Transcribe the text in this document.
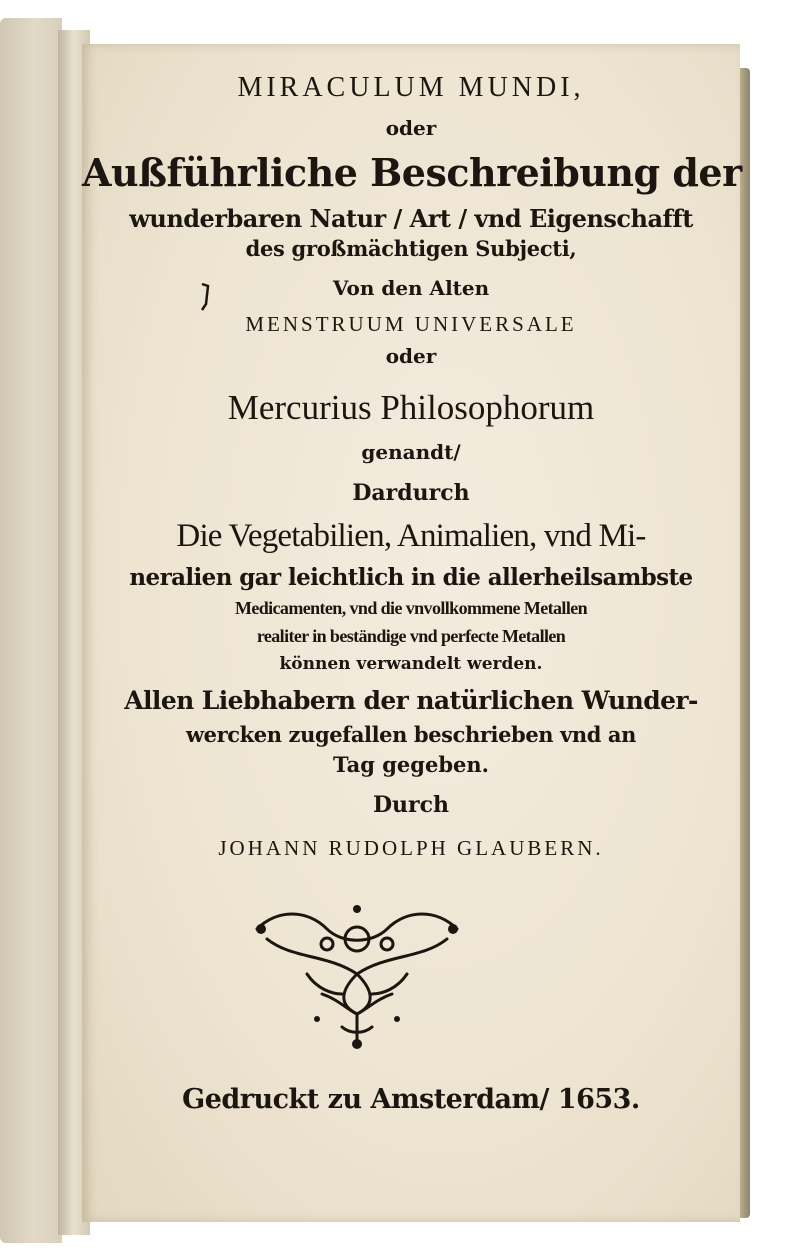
MIRACULUM MUNDI,
oder
Außführliche Beschreibung der
wunderbaren Natur / Art / vnd Eigenschafft
des großmächtigen Subjecti,
Von den Alten
MENSTRUUM UNIVERSALE
oder
Mercurius Philosophorum
genandt/
Dardurch
Die Vegetabilien, Animalien, vnd Mi-
neralien gar leichtlich in die allerheilsambste
Medicamenten, vnd die vnvollkommene Metallen
realiter in beständige vnd perfecte Metallen
können verwandelt werden.
Allen Liebhabern der natürlichen Wunder-
wercken zugefallen beschrieben vnd an
Tag gegeben.
Durch
JOHANN RUDOLPH GLAUBERN.
Gedruckt zu Amsterdam/ 1653.
